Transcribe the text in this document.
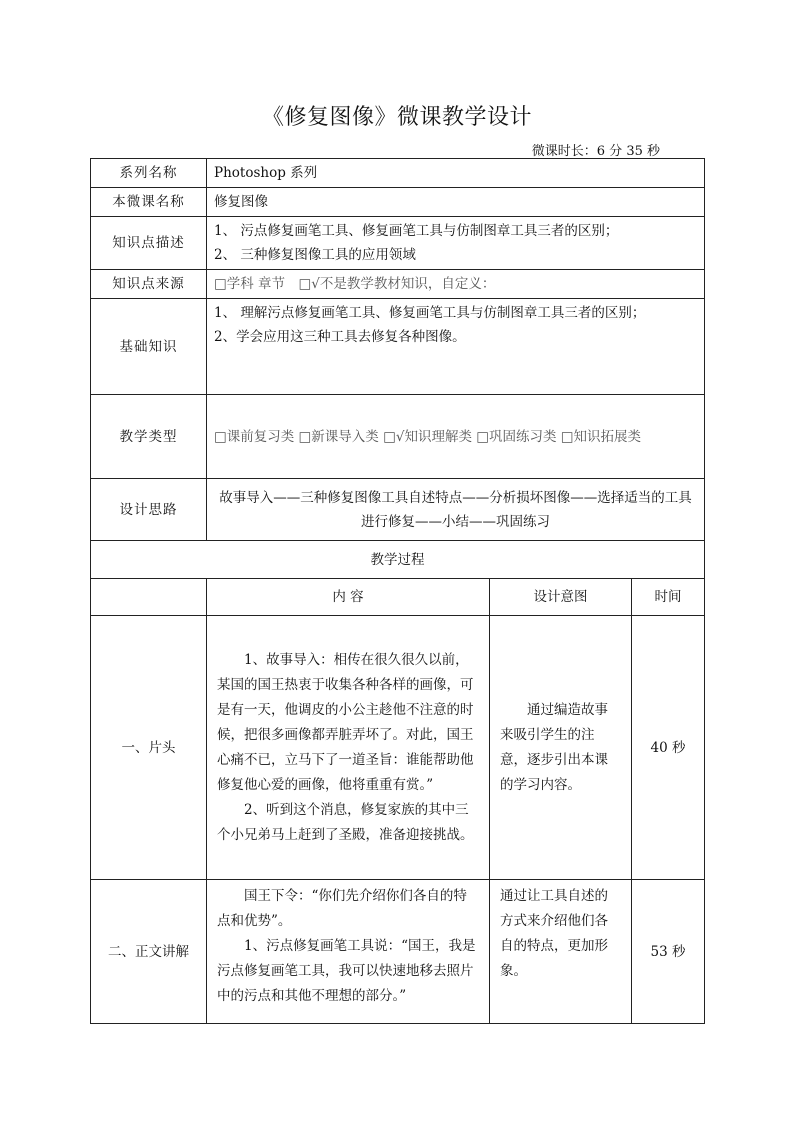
《修复图像》微课教学设计
微课时长：6 分 35 秒
系列名称	Photoshop 系列		
本微课名称	修复图像		
知识点描述	1、 污点修复画笔工具、修复画笔工具与仿制图章工具三者的区别；

2、 三种修复图像工具的应用领域		

知识点来源	□学科 章节　□√不是教学教材知识，自定义：		
基础知识	1、 理解污点修复画笔工具、修复画笔工具与仿制图章工具三者的区别；

2、学会应用这三种工具去修复各种图像。		

教学类型	□课前复习类 □新课导入类 □√知识理解类 □巩固练习类 □知识拓展类		
设计思路	故事导入——三种修复图像工具自述特点——分析损坏图像——选择适当的工具进行修复——小结——巩固练习		
教学过程			
	内 容	设计意图	时间
一、片头	1、故事导入：相传在很久很久以前，某国的国王热衷于收集各种各样的画像，可是有一天，他调皮的小公主趁他不注意的时候，把很多画像都弄脏弄坏了。对此，国王心痛不已，立马下了一道圣旨：谁能帮助他修复他心爱的画像，他将重重有赏。”

2、听到这个消息，修复家族的其中三个小兄弟马上赶到了圣殿，准备迎接挑战。	通过编造故事来吸引学生的注意，逐步引出本课的学习内容。	40 秒
二、正文讲解	国王下令：“你们先介绍你们各自的特点和优势”。

1、污点修复画笔工具说：“国王，我是污点修复画笔工具，我可以快速地移去照片中的污点和其他不理想的部分。”	通过让工具自述的方式来介绍他们各自的特点，更加形象。	53 秒
